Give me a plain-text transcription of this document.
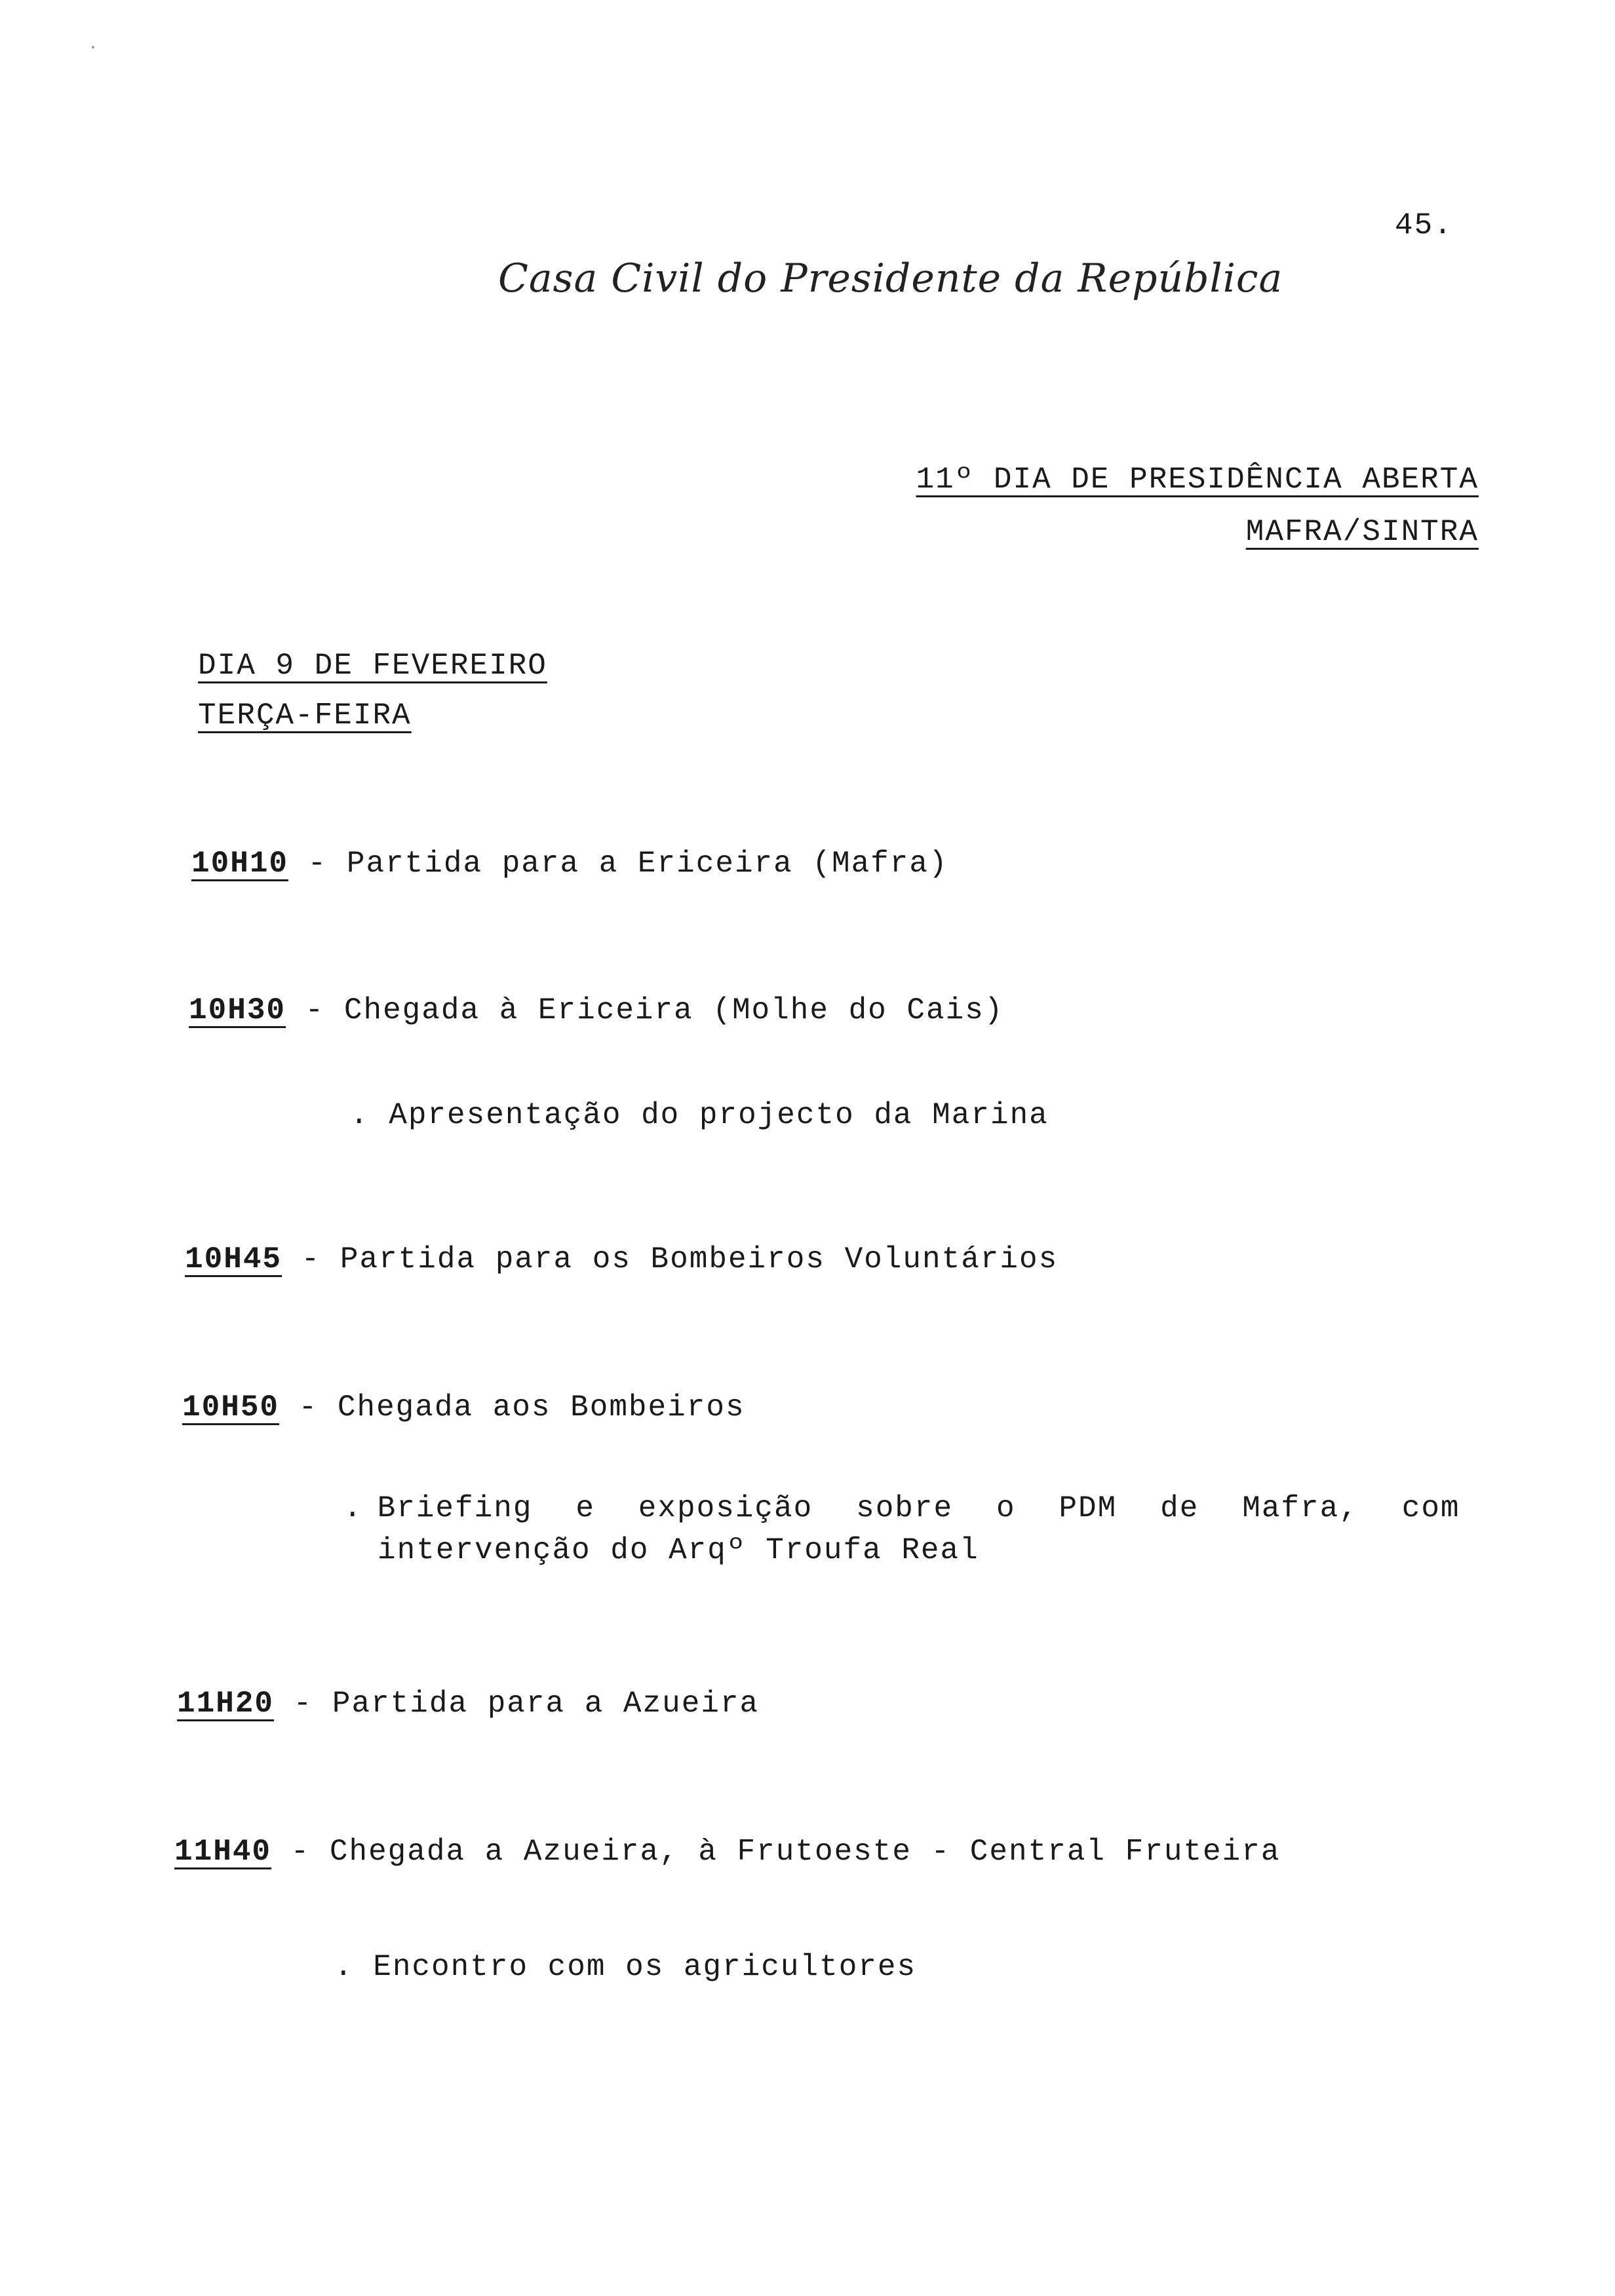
45.
Casa Civil do Presidente da República
11º DIA DE PRESIDÊNCIA ABERTA
MAFRA/SINTRA
DIA 9 DE FEVEREIRO
TERÇA-FEIRA
10H10 - Partida para a Ericeira (Mafra)
10H30 - Chegada à Ericeira (Molhe do Cais)
. Apresentação do projecto da Marina
10H45 - Partida para os Bombeiros Voluntários
10H50 - Chegada aos Bombeiros
. Briefing e exposição sobre o PDM de Mafra, com
intervenção do Arqº Troufa Real
11H20 - Partida para a Azueira
11H40 - Chegada a Azueira, à Frutoeste - Central Fruteira
. Encontro com os agricultores
